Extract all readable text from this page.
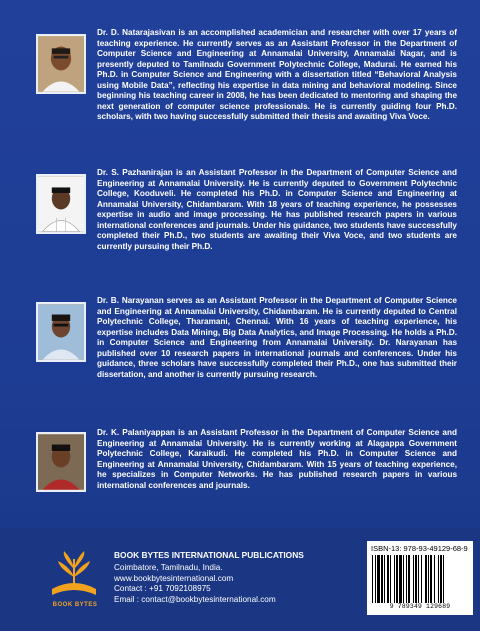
Dr. D. Natarajasivan is an accomplished academician and researcher with over 17 years of teaching experience. He currently serves as an Assistant Professor in the Department of Computer Science and Engineering at Annamalai University, Annamalai Nagar, and is presently deputed to Tamilnadu Government Polytechnic College, Madurai. He earned his Ph.D. in Computer Science and Engineering with a dissertation titled “Behavioral Analysis using Mobile Data”, reflecting his expertise in data mining and behavioral modeling. Since beginning his teaching career in 2008, he has been dedicated to mentoring and shaping the next generation of computer science professionals. He is currently guiding four Ph.D. scholars, with two having successfully submitted their thesis and awaiting Viva Voce.

Dr. S. Pazhanirajan is an Assistant Professor in the Department of Computer Science and Engineering at Annamalai University. He is currently deputed to Government Polytechnic College, Kooduveli. He completed his Ph.D. in Computer Science and Engineering at Annamalai University, Chidambaram. With 18 years of teaching experience, he possesses expertise in audio and image processing. He has published research papers in various international conferences and journals. Under his guidance, two students have successfully completed their Ph.D., two students are awaiting their Viva Voce, and two students are currently pursuing their Ph.D.

Dr. B. Narayanan serves as an Assistant Professor in the Department of Computer Science and Engineering at Annamalai University, Chidambaram. He is currently deputed to Central Polytechnic College, Tharamani, Chennai. With 16 years of teaching experience, his expertise includes Data Mining, Big Data Analytics, and Image Processing. He holds a Ph.D. in Computer Science and Engineering from Annamalai University. Dr. Narayanan has published over 10 research papers in international journals and conferences. Under his guidance, three scholars have successfully completed their Ph.D., one has submitted their dissertation, and another is currently pursuing research.

Dr. K. Palaniyappan is an Assistant Professor in the Department of Computer Science and Engineering at Annamalai University. He is currently working at Alagappa Government Polytechnic College, Karaikudi. He completed his Ph.D. in Computer Science and Engineering at Annamalai University, Chidambaram. With 15 years of teaching experience, he specializes in Computer Networks. He has published research papers in various international conferences and journals.

BOOK BYTES

BOOK BYTES INTERNATIONAL PUBLICATIONS

Coimbatore, Tamilnadu, India.

www.bookbytesinternational.com

Contact : +91 7092108975

Email : contact@bookbytesinternational.com

ISBN-13: 978-93-49129-68-9
9 789349 129689
